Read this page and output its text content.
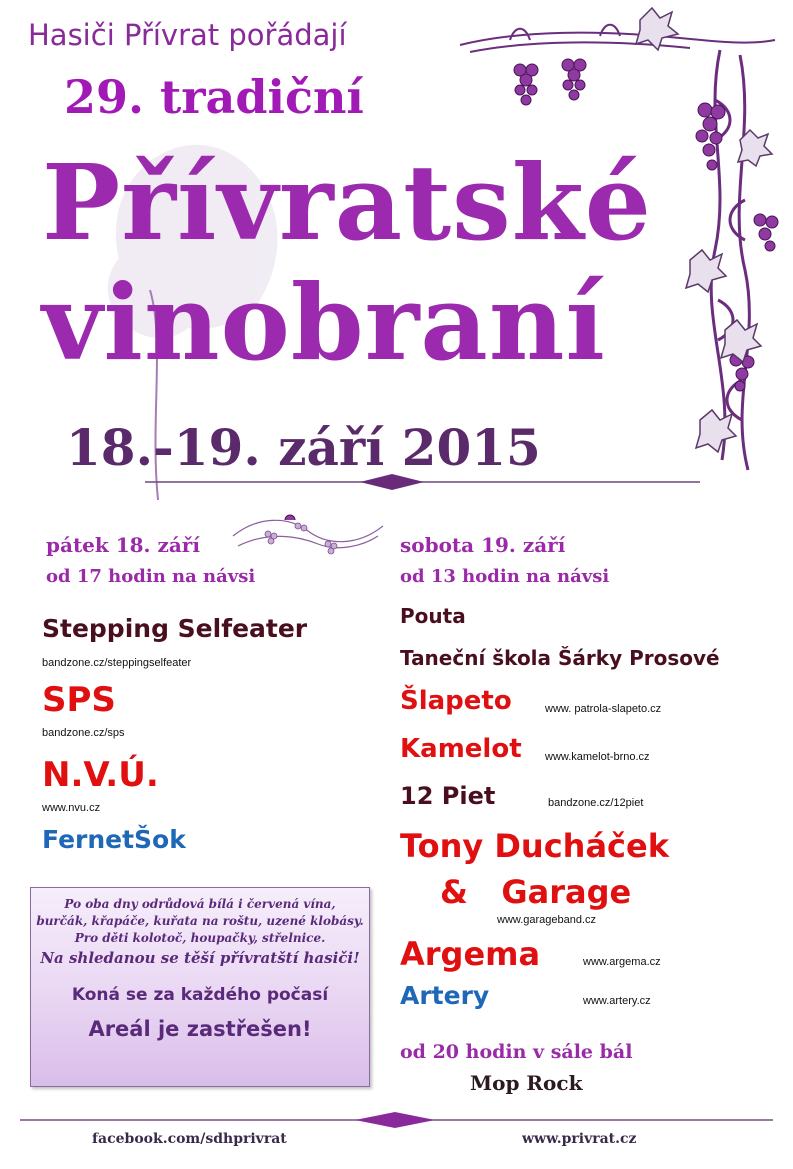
Hasiči Přívrat pořádají
29. tradiční
Přívratské
vinobraní
18.-19. září 2015
pátek 18. září
od 17 hodin na návsi
Stepping Selfeater
bandzone.cz/steppingselfeater
SPS
bandzone.cz/sps
N.V.Ú.
www.nvu.cz
FernetŠok
Po oba dny odrůdová bílá i červená vína,
burčák, křapáče, kuřata na roštu, uzené klobásy.
Pro děti kolotoč, houpačky, střelnice.
Na shledanou se těší přívratští hasiči!
Koná se za každého počasí
Areál je zastřešen!
sobota 19. září
od 13 hodin na návsi
Pouta
Taneční škola Šárky Prosové
Šlapeto	www. patrola-slapeto.cz
Kamelot www.kamelot-brno.cz
12 Piet	bandzone.cz/12piet
Tony Ducháček
&   Garage
www.garageband.cz
Argema	www.argema.cz
Artery	www.artery.cz
od 20 hodin v sále bál
Mop Rock
facebook.com/sdhprivrat	www.privrat.cz
